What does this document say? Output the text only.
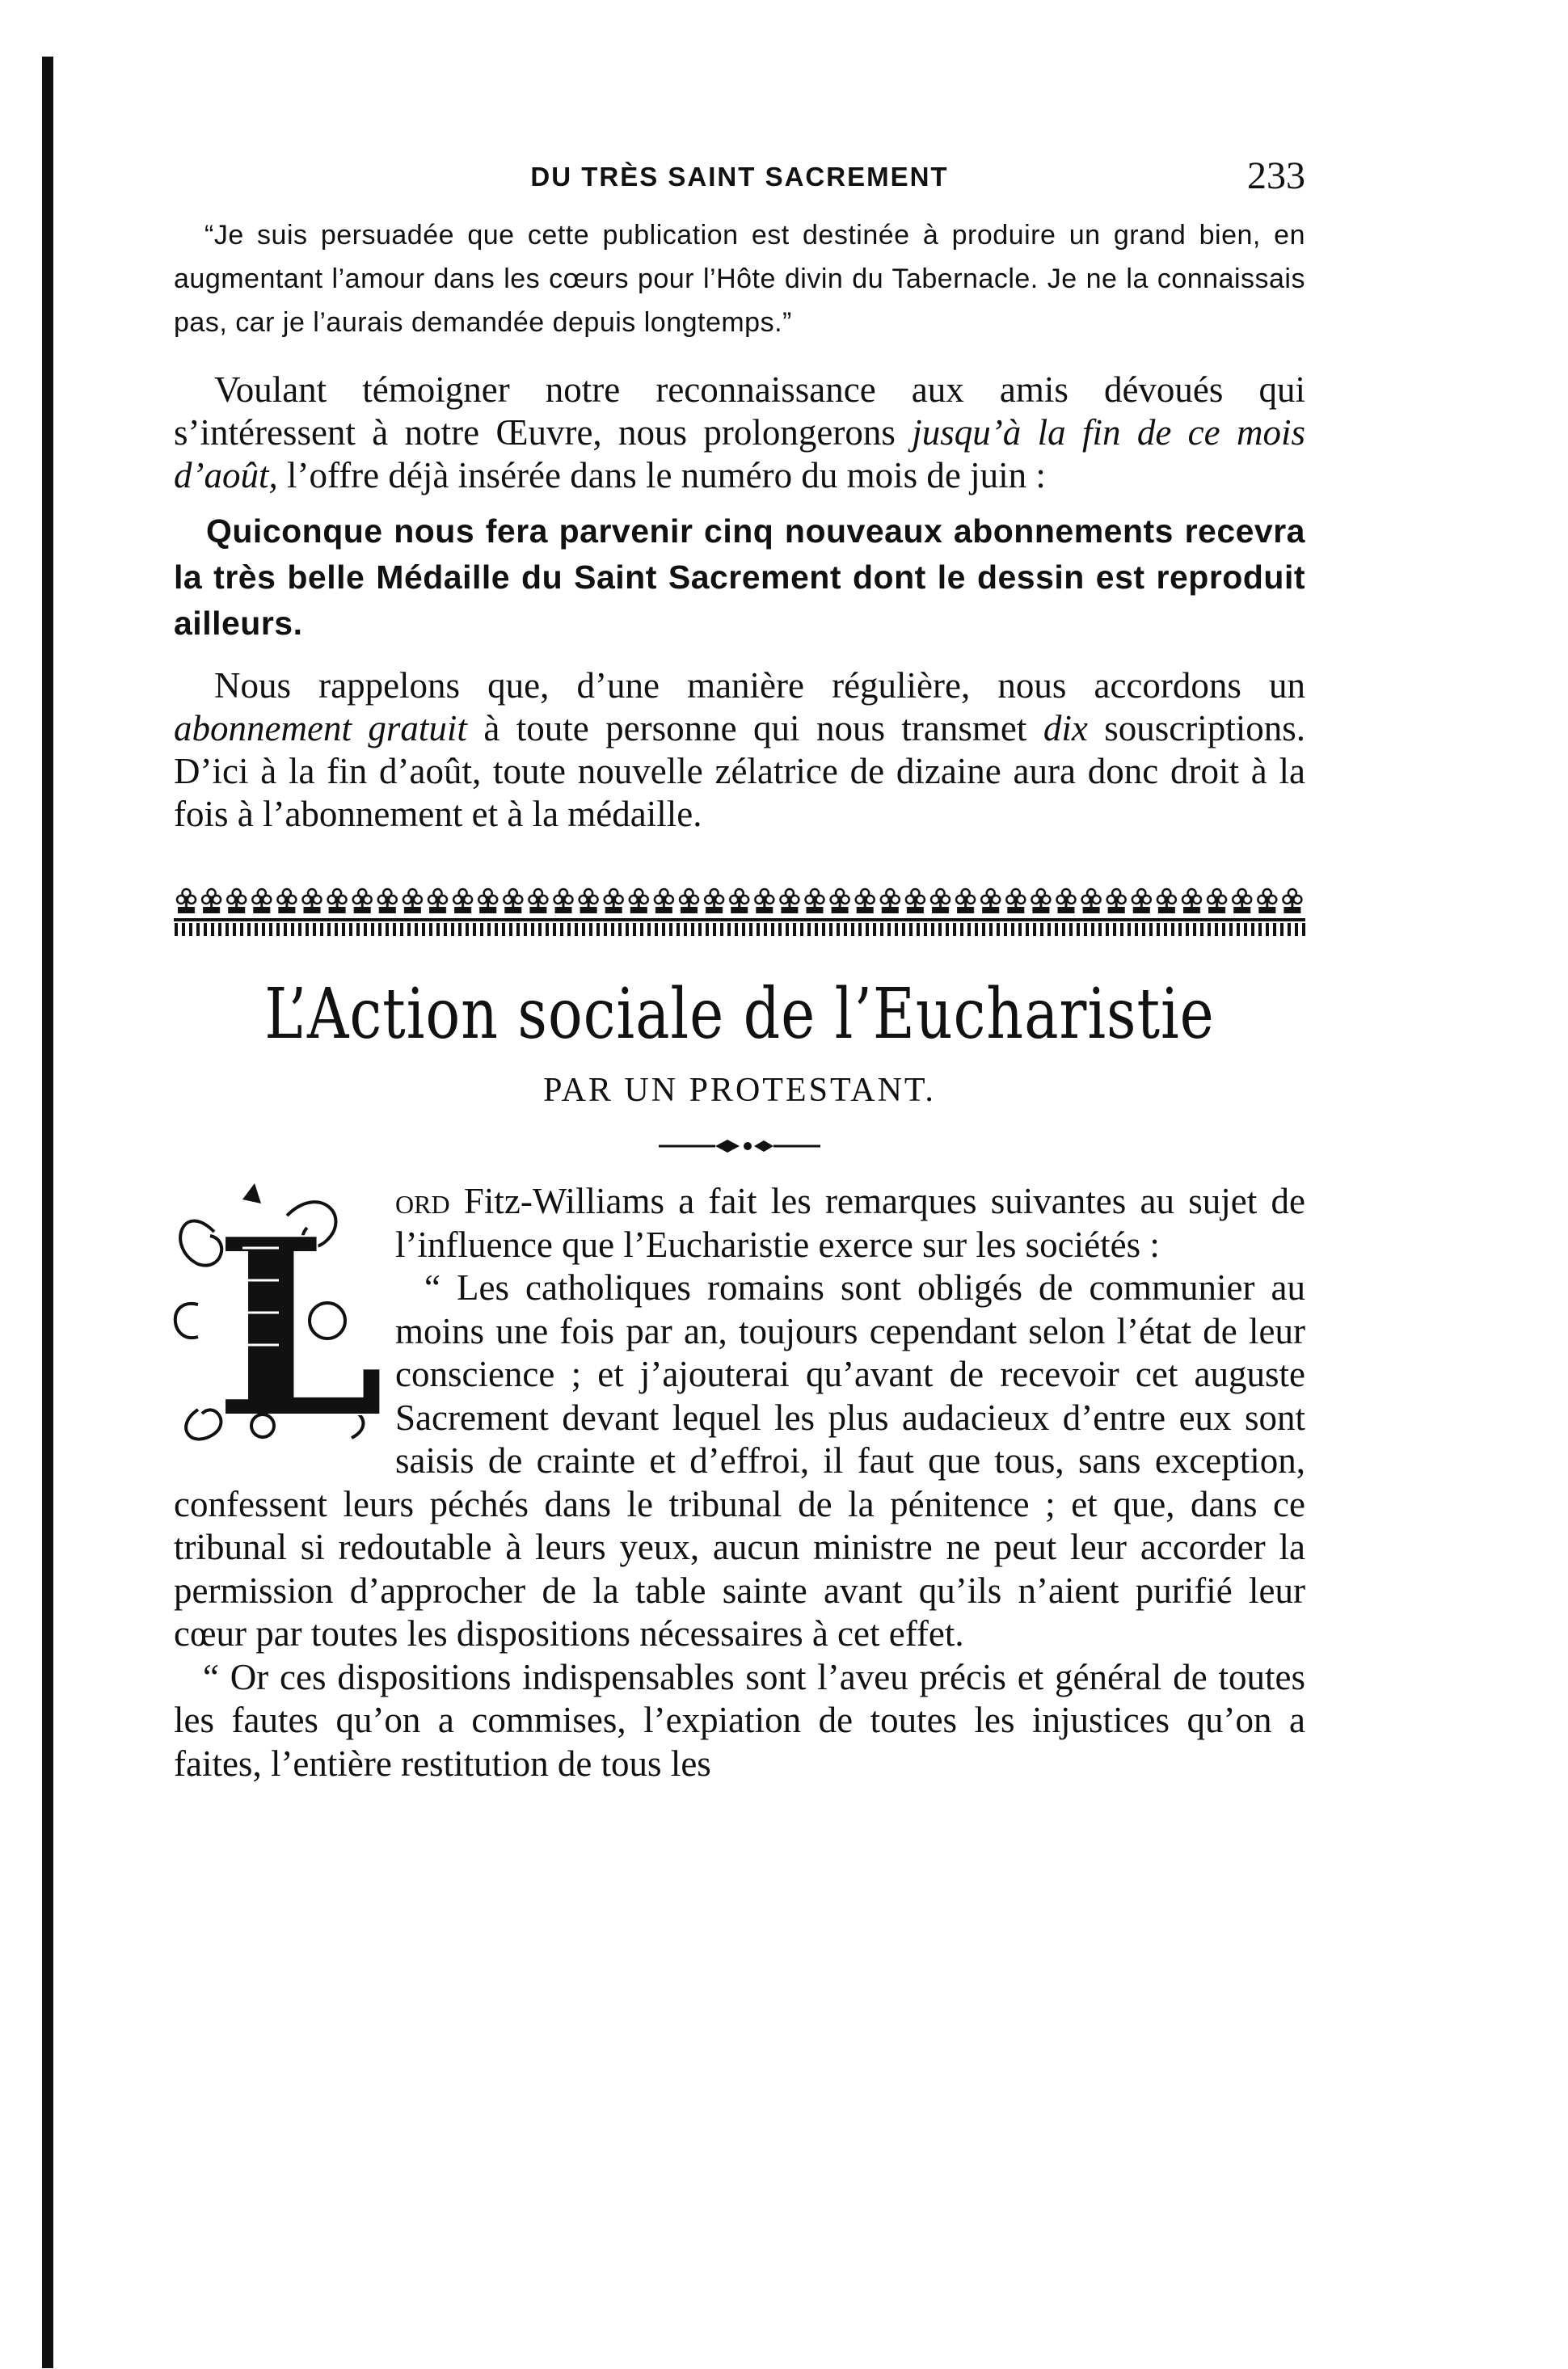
DU TRÈS SAINT SACREMENT	233

“Je suis persuadée que cette publication est destinée à produire un grand bien, en augmentant l’amour dans les cœurs pour l’Hôte divin du Tabernacle. Je ne la connaissais pas, car je l’aurais demandée depuis longtemps.”

Voulant témoigner notre reconnaissance aux amis dévoués qui s’intéressent à notre Œuvre, nous prolongerons jusqu’à la fin de ce mois d’août, l’offre déjà insérée dans le numéro du mois de juin :

Quiconque nous fera parvenir cinq nouveaux abonnements recevra la très belle Médaille du Saint Sacrement dont le dessin est reproduit ailleurs.

Nous rappelons que, d’une manière régulière, nous accordons un abonnement gratuit à toute personne qui nous transmet dix souscriptions. D’ici à la fin d’août, toute nouvelle zélatrice de dizaine aura donc droit à la fois à l’abonnement et à la médaille.

L’Action sociale de l’Eucharistie
PAR UN PROTESTANT.
L ord Fitz-Williams a fait les remarques suivantes au sujet de l’influence que l’Eucharistie exerce sur les sociétés :

“ Les catholiques romains sont obligés de communier au moins une fois par an, toujours cependant selon l’état de leur conscience ; et j’ajouterai qu’avant de recevoir cet auguste Sacrement devant lequel les plus audacieux d’entre eux sont saisis de crainte et d’effroi, il faut que tous, sans exception, confessent leurs péchés dans le tribunal de la pénitence ; et que, dans ce tribunal si redoutable à leurs yeux, aucun ministre ne peut leur accorder la permission d’approcher de la table sainte avant qu’ils n’aient purifié leur cœur par toutes les dispositions nécessaires à cet effet.

“ Or ces dispositions indispensables sont l’aveu précis et général de toutes les fautes qu’on a commises, l’expiation de toutes les injustices qu’on a faites, l’entière restitution de tous les
